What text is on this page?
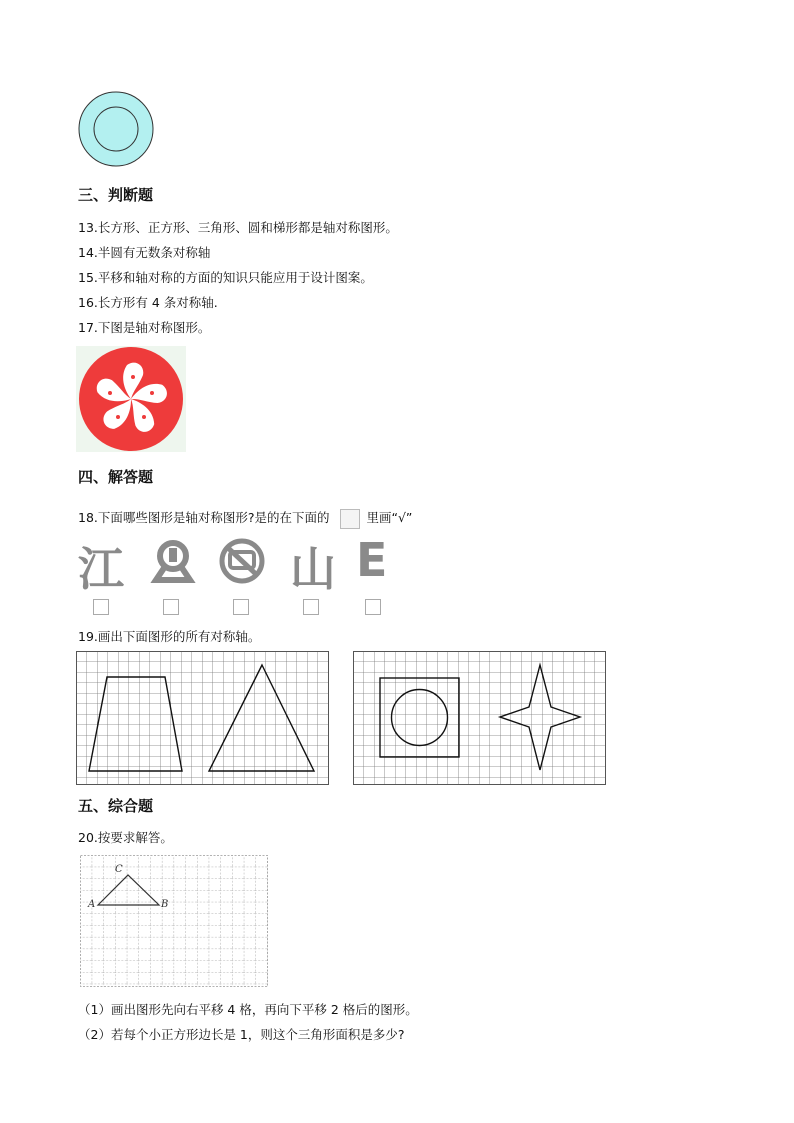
三、判断题
13.长方形、正方形、三角形、圆和梯形都是轴对称图形。
14.半圆有无数条对称轴
15.平移和轴对称的方面的知识只能应用于设计图案。
16.长方形有 4 条对称轴.
17.下图是轴对称图形。
四、解答题
18.下面哪些图形是轴对称图形?是的在下面的	里画“√”
江	山 E
19.画出下面图形的所有对称轴。
五、综合题
20.按要求解答。
A	B
C
（1）画出图形先向右平移 4 格，再向下平移 2 格后的图形。
（2）若每个小正方形边长是 1，则这个三角形面积是多少?
